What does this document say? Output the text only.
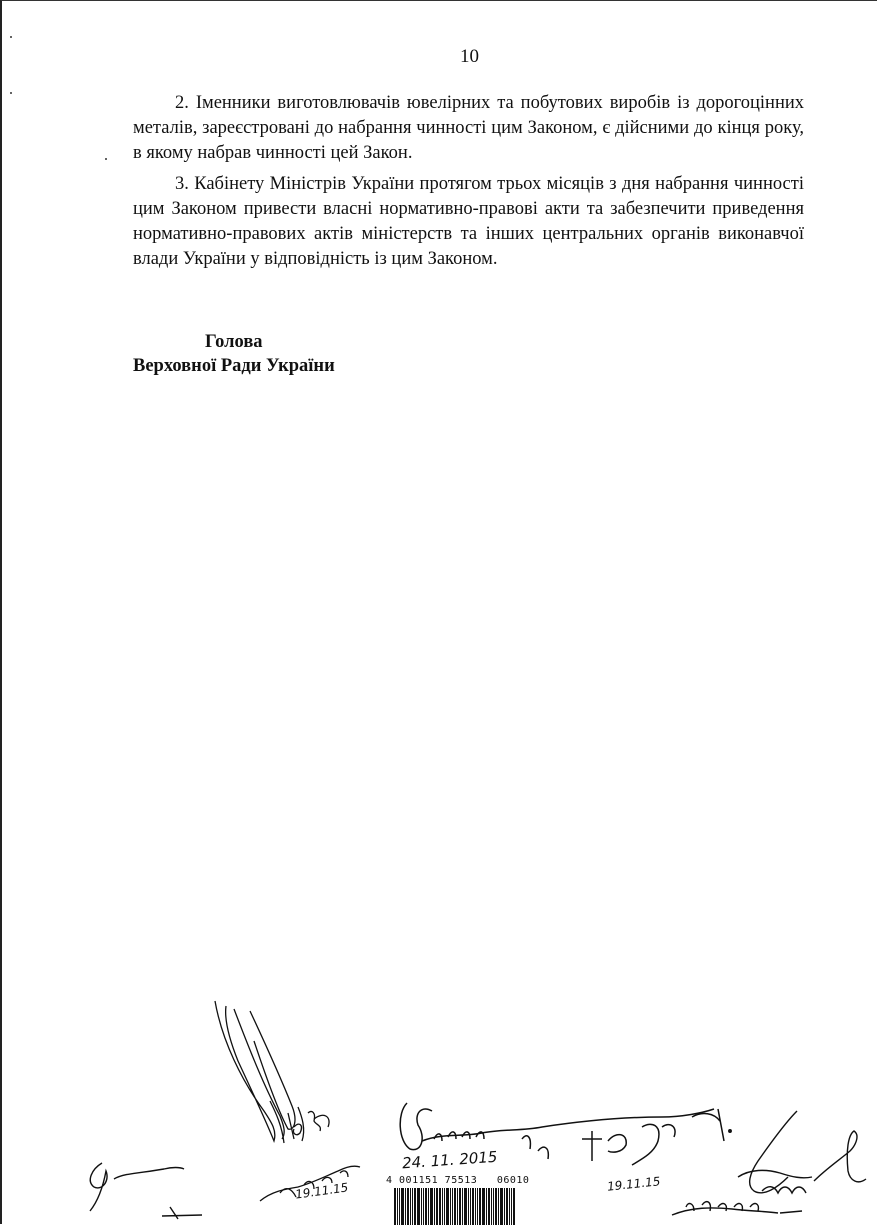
10

2. Іменники виготовлювачів ювелірних та побутових виробів із дорогоцінних металів, зареєстровані до набрання чинності цим Законом, є дійсними до кінця року, в якому набрав чинності цей Закон.

3. Кабінету Міністрів України протягом трьох місяців з дня набрання чинності цим Законом привести власні нормативно-правові акти та забезпечити приведення нормативно-правових актів міністерств та інших центральних органів виконавчої влади України у відповідність із цим Законом.

Голова
Верховної Ради України
24. 11. 2015
19.11.15	19.11.15
4 001151 75513   06010
